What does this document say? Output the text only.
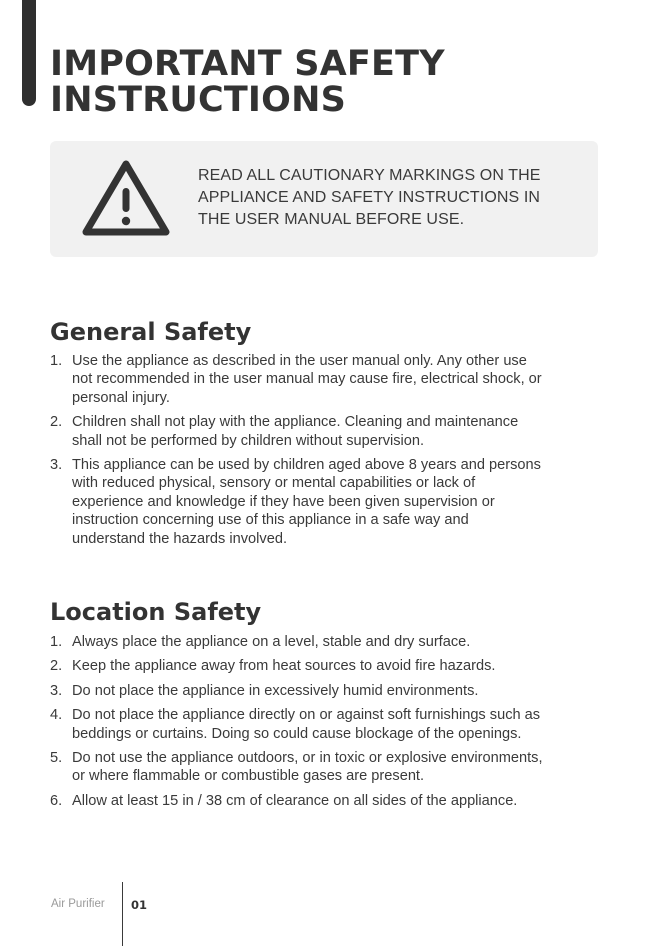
IMPORTANT SAFETY
INSTRUCTIONS
READ ALL CAUTIONARY MARKINGS ON THE
APPLIANCE AND SAFETY INSTRUCTIONS IN
THE USER MANUAL BEFORE USE.
General Safety
1. Use the appliance as described in the user manual only. Any other use
not recommended in the user manual may cause fire, electrical shock, or
personal injury.
2. Children shall not play with the appliance. Cleaning and maintenance
shall not be performed by children without supervision.
3. This appliance can be used by children aged above 8 years and persons
with reduced physical, sensory or mental capabilities or lack of
experience and knowledge if they have been given supervision or
instruction concerning use of this appliance in a safe way and
understand the hazards involved.
Location Safety
1. Always place the appliance on a level, stable and dry surface.
2. Keep the appliance away from heat sources to avoid fire hazards.
3. Do not place the appliance in excessively humid environments.
4. Do not place the appliance directly on or against soft furnishings such as
beddings or curtains. Doing so could cause blockage of the openings.
5. Do not use the appliance outdoors, or in toxic or explosive environments,
or where flammable or combustible gases are present.
6. Allow at least 15 in / 38 cm of clearance on all sides of the appliance.
Air Purifier 01
